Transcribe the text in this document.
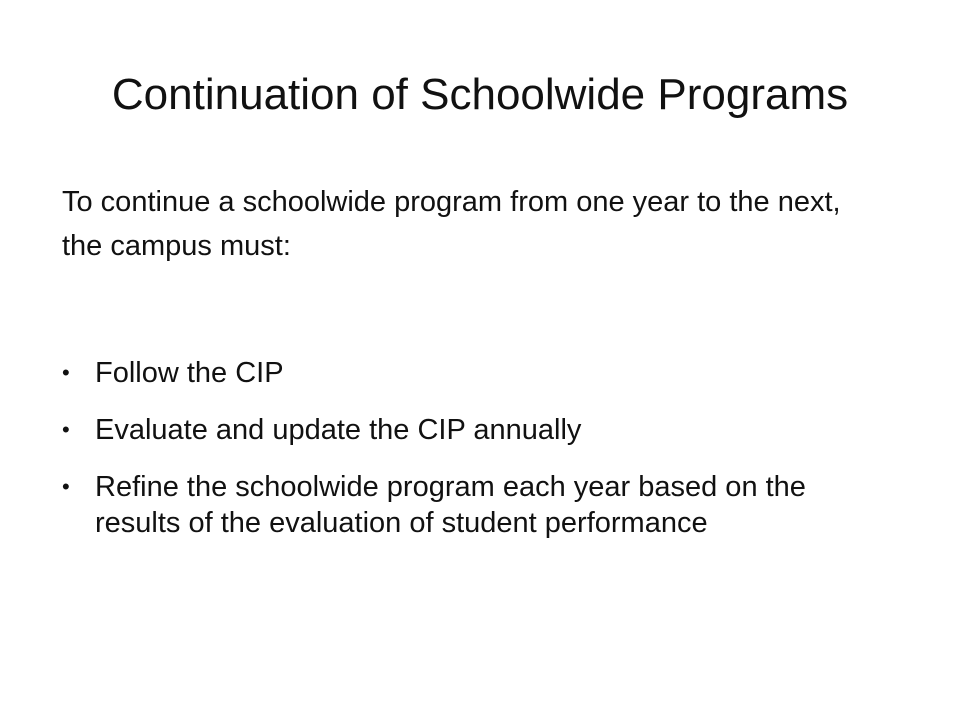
Continuation of Schoolwide Programs

To continue a schoolwide program from one year to the next, the campus must:

• Follow the CIP
• Evaluate and update the CIP annually
• Refine the schoolwide program each year based on the results of the evaluation of student performance
